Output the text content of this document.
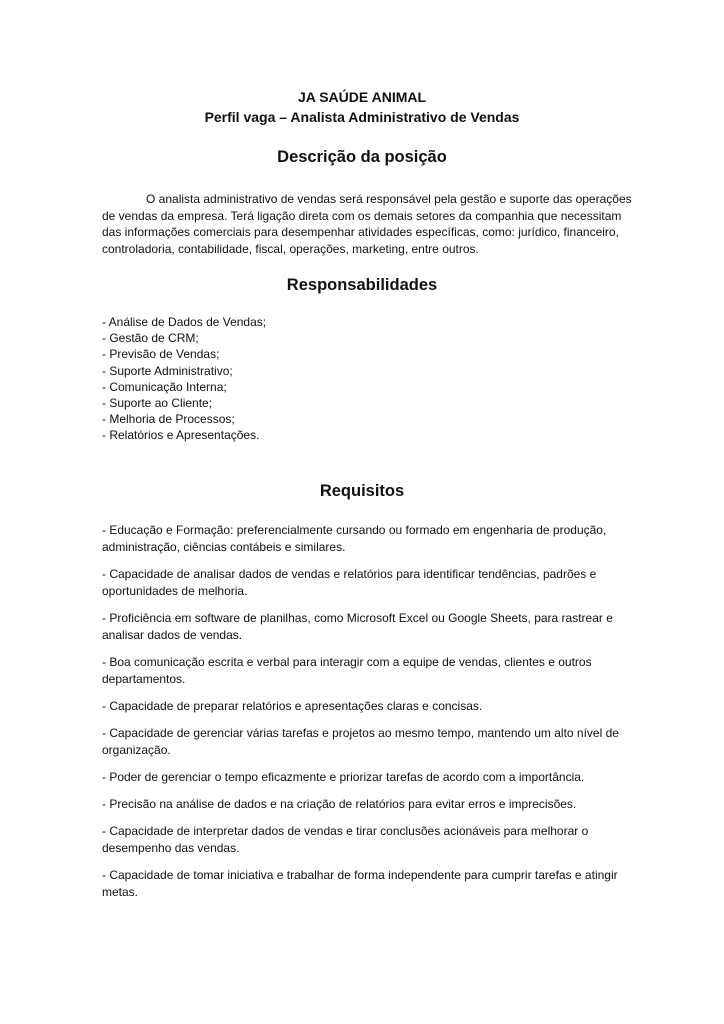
JA SAÚDE ANIMAL
Perfil vaga – Analista Administrativo de Vendas
Descrição da posição

O analista administrativo de vendas será responsável pela gestão e suporte das operações de vendas da empresa. Terá ligação direta com os demais setores da companhia que necessitam das informações comerciais para desempenhar atividades específicas, como: jurídico, financeiro, controladoria, contabilidade, fiscal, operações, marketing, entre outros.

Responsabilidades
- Análise de Dados de Vendas;
- Gestão de CRM;
- Previsão de Vendas;
- Suporte Administrativo;
- Comunicação Interna;
- Suporte ao Cliente;
- Melhoria de Processos;
- Relatórios e Apresentações.
Requisitos
- Educação e Formação: preferencialmente cursando ou formado em engenharia de produção, administração, ciências contábeis e similares.
- Capacidade de analisar dados de vendas e relatórios para identificar tendências, padrões e oportunidades de melhoria.
- Proficiência em software de planilhas, como Microsoft Excel ou Google Sheets, para rastrear e analisar dados de vendas.
- Boa comunicação escrita e verbal para interagir com a equipe de vendas, clientes e outros departamentos.
- Capacidade de preparar relatórios e apresentações claras e concisas.
- Capacidade de gerenciar várias tarefas e projetos ao mesmo tempo, mantendo um alto nível de organização.
- Poder de gerenciar o tempo eficazmente e priorizar tarefas de acordo com a importância.
- Precisão na análise de dados e na criação de relatórios para evitar erros e imprecisões.
- Capacidade de interpretar dados de vendas e tirar conclusões acionáveis para melhorar o desempenho das vendas.
- Capacidade de tomar iniciativa e trabalhar de forma independente para cumprir tarefas e atingir metas.
